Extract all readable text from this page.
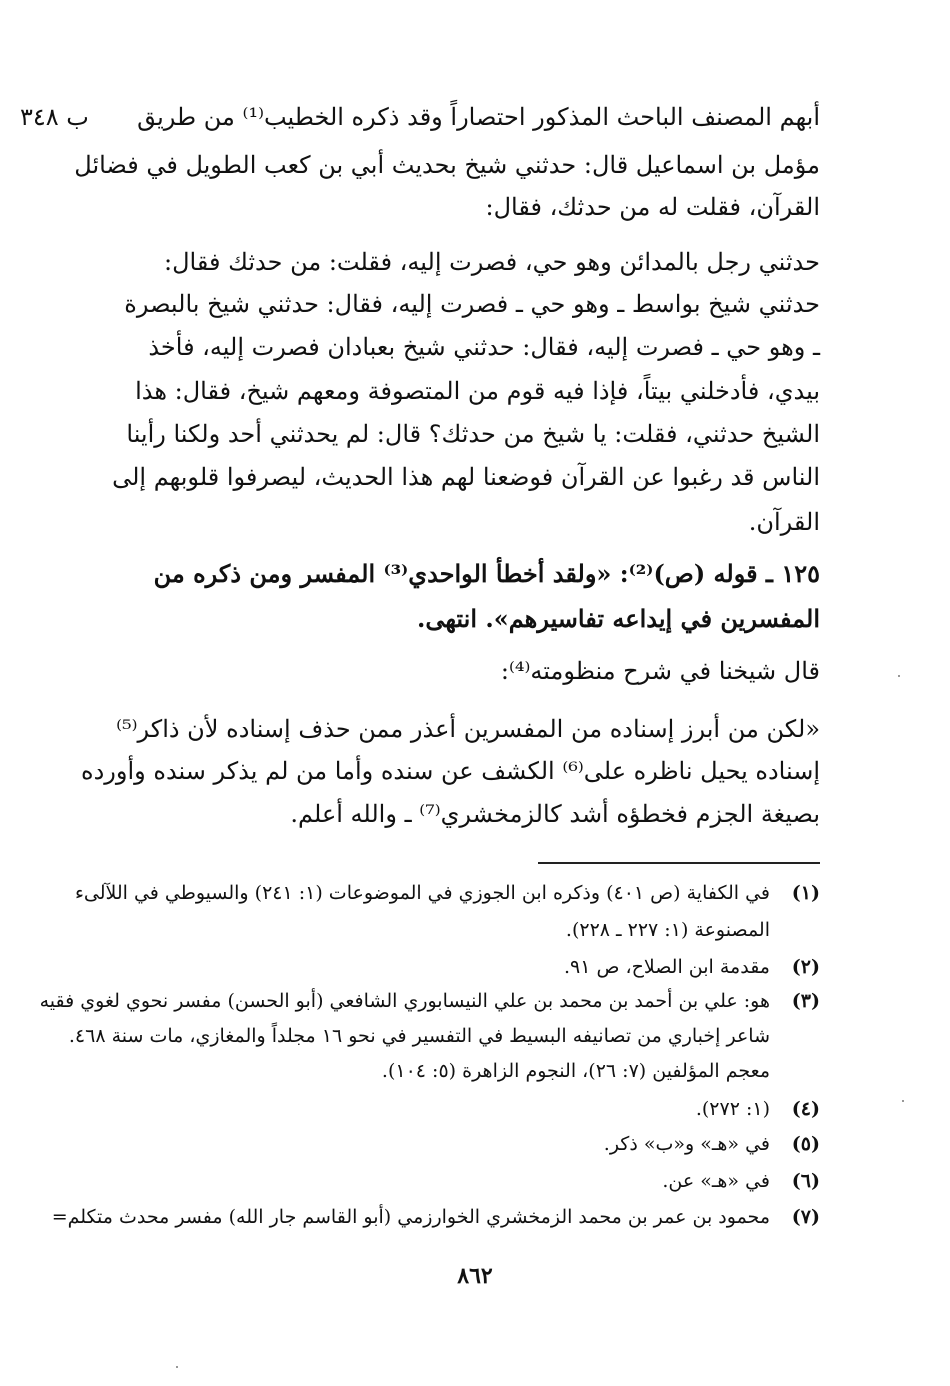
ب ٣٤٨	أبهم المصنف الباحث المذكور احتصاراً وقد ذكره الخطيب⁽¹⁾ من طريق
مؤمل بن اسماعيل قال: حدثني شيخ بحديث أبي بن كعب الطويل في فضائل
القرآن، فقلت له من حدثك، فقال:
حدثني رجل بالمدائن وهو حي، فصرت إليه، فقلت: من حدثك فقال:
حدثني شيخ بواسط ـ وهو حي ـ فصرت إليه، فقال: حدثني شيخ بالبصرة
ـ وهو حي ـ فصرت إليه، فقال: حدثني شيخ بعبادان فصرت إليه، فأخذ
بيدي، فأدخلني بيتاً، فإذا فيه قوم من المتصوفة ومعهم شيخ، فقال: هذا
الشيخ حدثني، فقلت: يا شيخ من حدثك؟ قال: لم يحدثني أحد ولكنا رأينا
الناس قد رغبوا عن القرآن فوضعنا لهم هذا الحديث، ليصرفوا قلوبهم إلى
القرآن.
١٢٥ ـ قوله (ص)⁽²⁾: «ولقد أخطأ الواحدي⁽³⁾ المفسر ومن ذكره من
المفسرين في إيداعه تفاسيرهم». انتهى.
قال شيخنا في شرح منظومته⁽⁴⁾:
«لكن من أبرز إسناده من المفسرين أعذر ممن حذف إسناده لأن ذاكر⁽⁵⁾
إسناده يحيل ناظره على⁽⁶⁾ الكشف عن سنده وأما من لم يذكر سنده وأورده
بصيغة الجزم فخطؤه أشد كالزمخشري⁽⁷⁾ ـ والله أعلم.
(١)
في الكفاية (ص ٤٠١) وذكره ابن الجوزي في الموضوعات (١: ٢٤١) والسيوطي في اللآلىء
المصنوعة (١: ٢٢٧ ـ ٢٢٨).
(٢)
مقدمة ابن الصلاح، ص ٩١.
(٣)
هو: علي بن أحمد بن محمد بن علي النيسابوري الشافعي (أبو الحسن) مفسر نحوي لغوي فقيه
شاعر إخباري من تصانيفه البسيط في التفسير في نحو ١٦ مجلداً والمغازي، مات سنة ٤٦٨.
معجم المؤلفين (٧: ٢٦)، النجوم الزاهرة (٥: ١٠٤).
(٤)
(١: ٢٧٢).
(٥)
في «هـ» و«ب» ذكر.
(٦)
في «هـ» عن.
(٧)
محمود بن عمر بن محمد الزمخشري الخوارزمي (أبو القاسم جار الله) مفسر محدث متكلم=
٨٦٢
